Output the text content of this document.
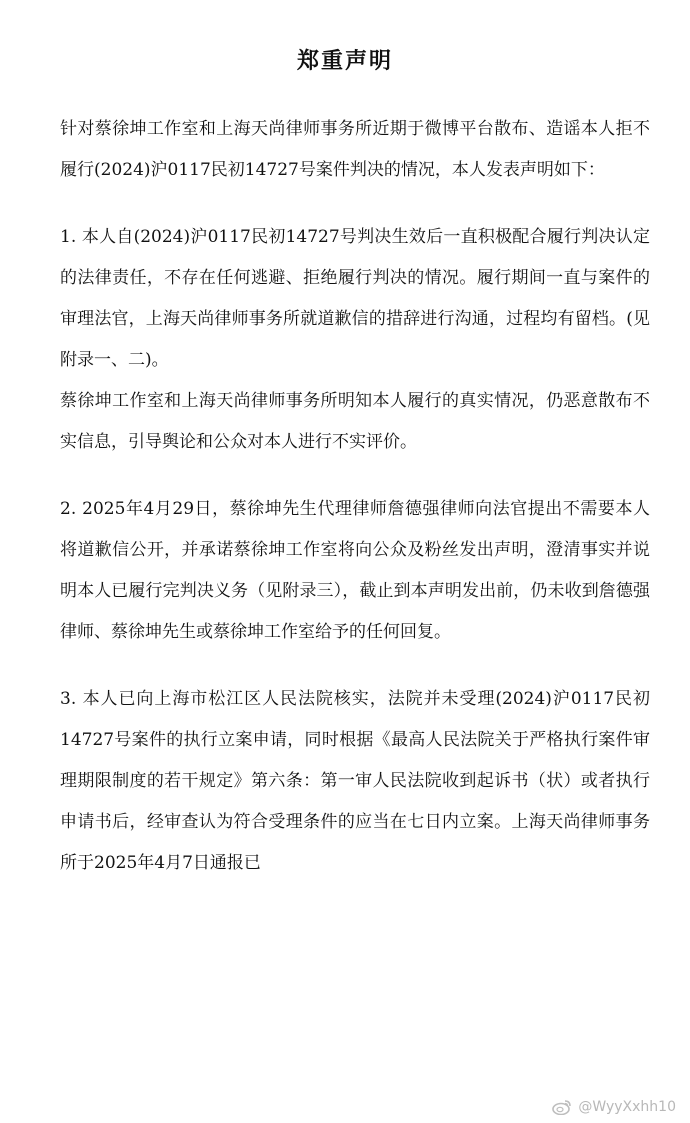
郑重声明

针对蔡徐坤工作室和上海天尚律师事务所近期于微博平台散布、造谣本人拒不履行(2024)沪0117民初14727号案件判决的情况，本人发表声明如下：

1. 本人自(2024)沪0117民初14727号判决生效后一直积极配合履行判决认定的法律责任，不存在任何逃避、拒绝履行判决的情况。履行期间一直与案件的审理法官，上海天尚律师事务所就道歉信的措辞进行沟通，过程均有留档。(见附录一、二)。

蔡徐坤工作室和上海天尚律师事务所明知本人履行的真实情况，仍恶意散布不实信息，引导舆论和公众对本人进行不实评价。

2. 2025年4月29日，蔡徐坤先生代理律师詹德强律师向法官提出不需要本人将道歉信公开，并承诺蔡徐坤工作室将向公众及粉丝发出声明，澄清事实并说明本人已履行完判决义务（见附录三），截止到本声明发出前，仍未收到詹德强律师、蔡徐坤先生或蔡徐坤工作室给予的任何回复。

3. 本人已向上海市松江区人民法院核实，法院并未受理(2024)沪0117民初14727号案件的执行立案申请，同时根据《最高人民法院关于严格执行案件审理期限制度的若干规定》第六条：第一审人民法院收到起诉书（状）或者执行申请书后，经审查认为符合受理条件的应当在七日内立案。上海天尚律师事务所于2025年4月7日通报已

@WyyXxhh10
